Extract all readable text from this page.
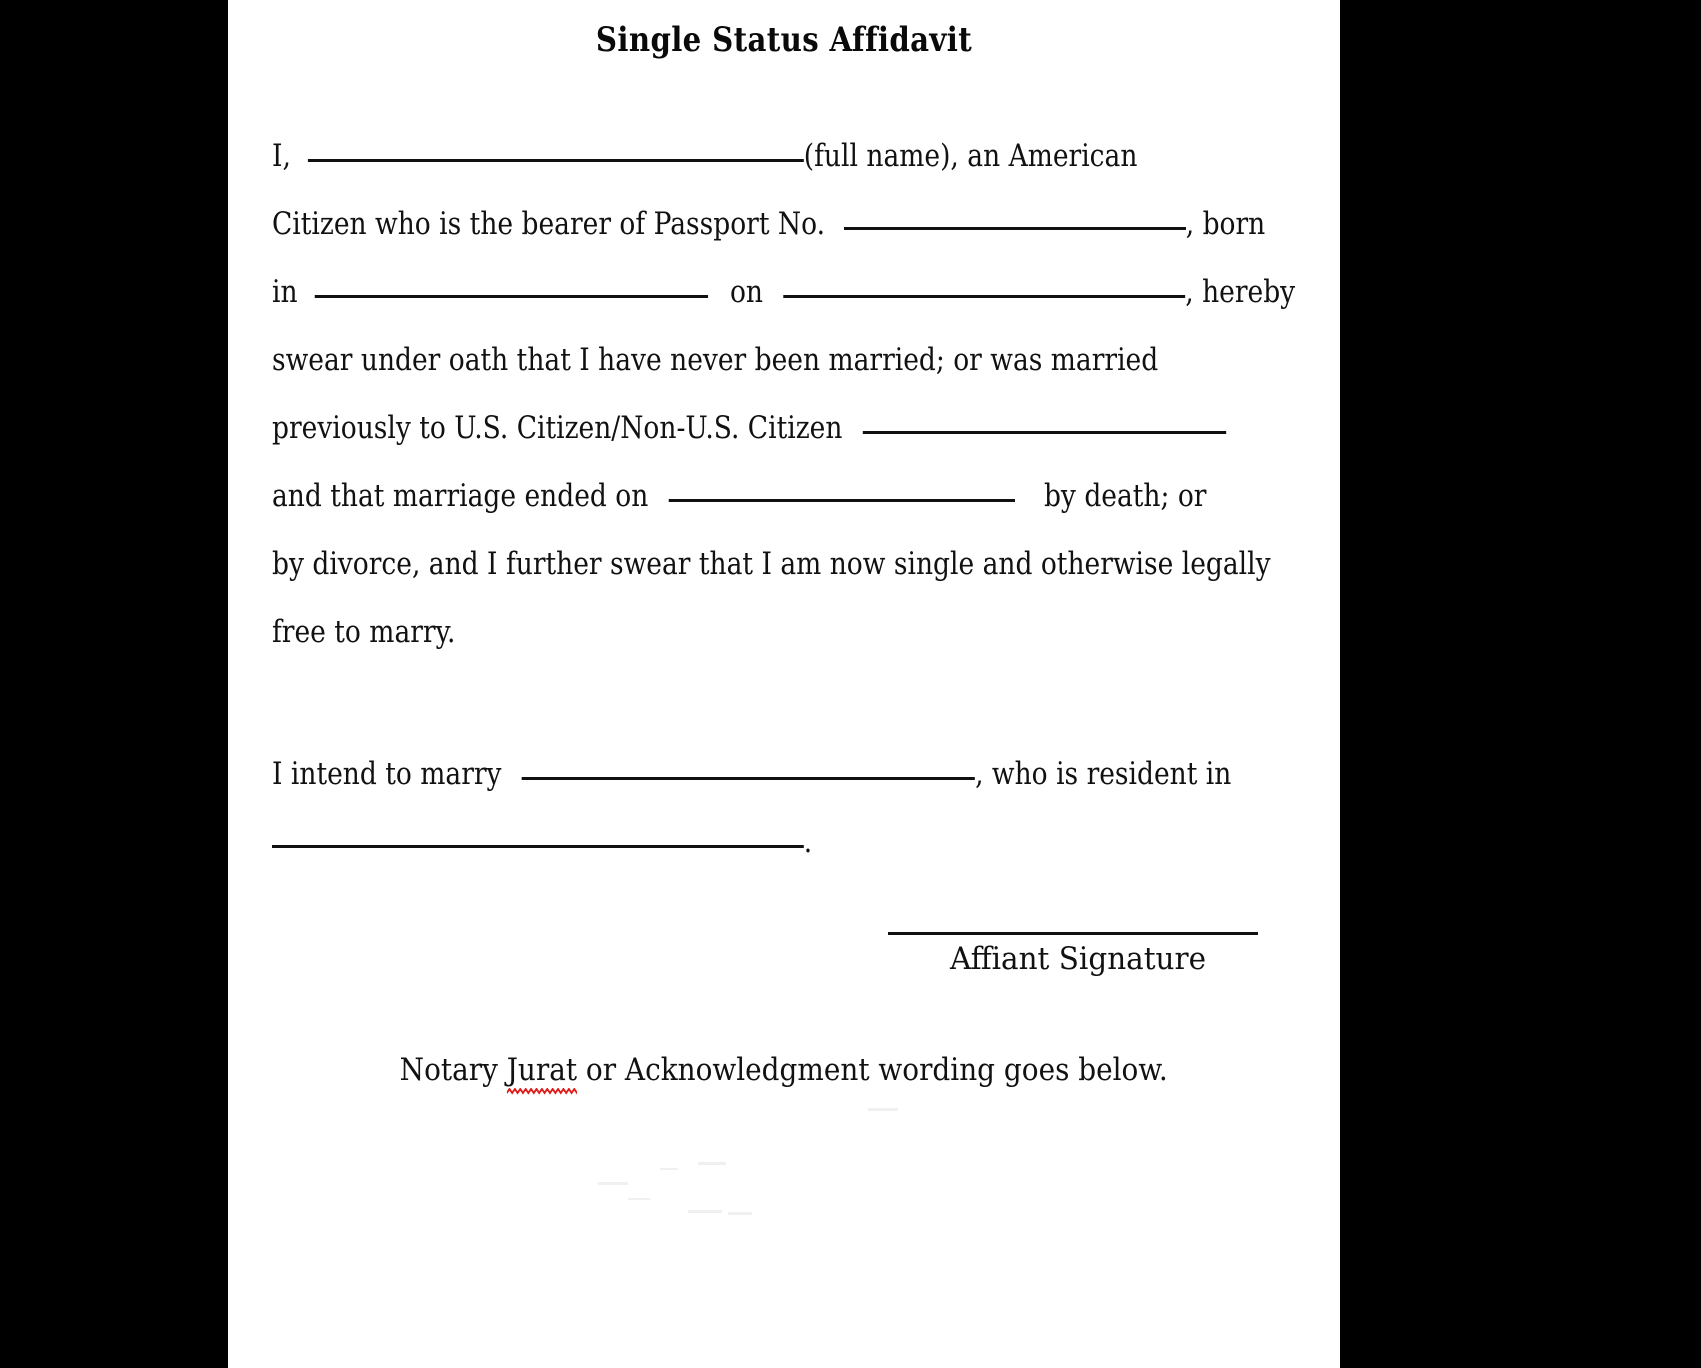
Single Status Affidavit
I,	(full name), an American
Citizen who is the bearer of Passport No.	, born
in	on	, hereby
swear under oath that I have never been married; or was married
previously to U.S. Citizen/Non-U.S. Citizen
and that marriage ended on	by death; or
by divorce, and I further swear that I am now single and otherwise legally
free to marry.
I intend to marry	, who is resident in
.
Affiant Signature
Notary Jurat
or Acknowledgment wording goes below.
